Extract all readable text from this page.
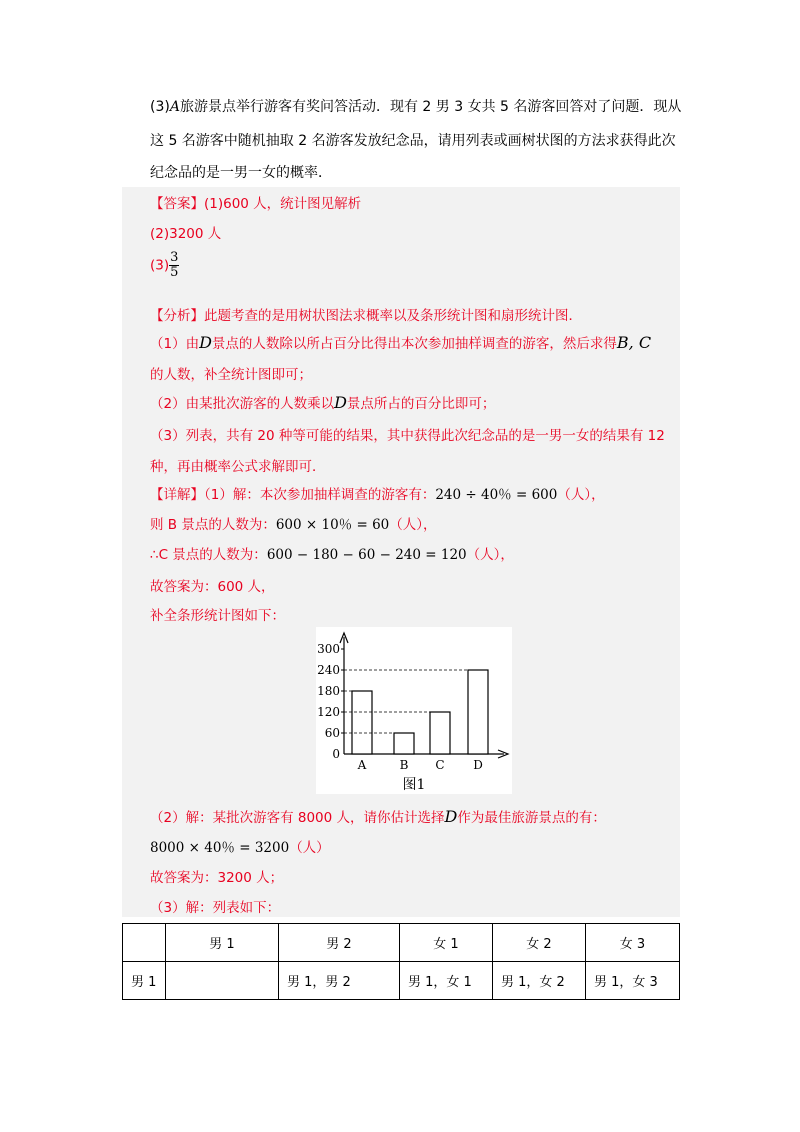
(3)A旅游景点举行游客有奖问答活动．现有 2 男 3 女共 5 名游客回答对了问题．现从
这 5 名游客中随机抽取 2 名游客发放纪念品，请用列表或画树状图的方法求获得此次
纪念品的是一男一女的概率．
【答案】(1)600 人，统计图见解析
(2)3200 人
$(3) \frac{3}{5}$
【分析】此题考查的是用树状图法求概率以及条形统计图和扇形统计图．
（1）由D景点的人数除以所占百分比得出本次参加抽样调查的游客，然后求得B, C
的人数，补全统计图即可；
（2）由某批次游客的人数乘以D景点所占的百分比即可；
（3）列表，共有 20 种等可能的结果，其中获得此次纪念品的是一男一女的结果有 12
种，再由概率公式求解即可．
【详解】（1）解：本次参加抽样调查的游客有：240 ÷ 40％ = 600（人），
则 B 景点的人数为：600 × 10％ = 60（人），
∴C 景点的人数为：600 − 180 − 60 − 240 = 120（人），
故答案为：600 人，
补全条形统计图如下：
0
60
120
180
240
300
A	B C D
图1
（2）解：某批次游客有 8000 人，请你估计选择D作为最佳旅游景点的有：
8000 × 40％ = 3200（人）
故答案为：3200 人；
（3）解：列表如下：
	男 1	男 2	女 1	女 2	女 3
男 1		男 1，男 2	男 1，女 1	男 1，女 2	男 1，女 3
